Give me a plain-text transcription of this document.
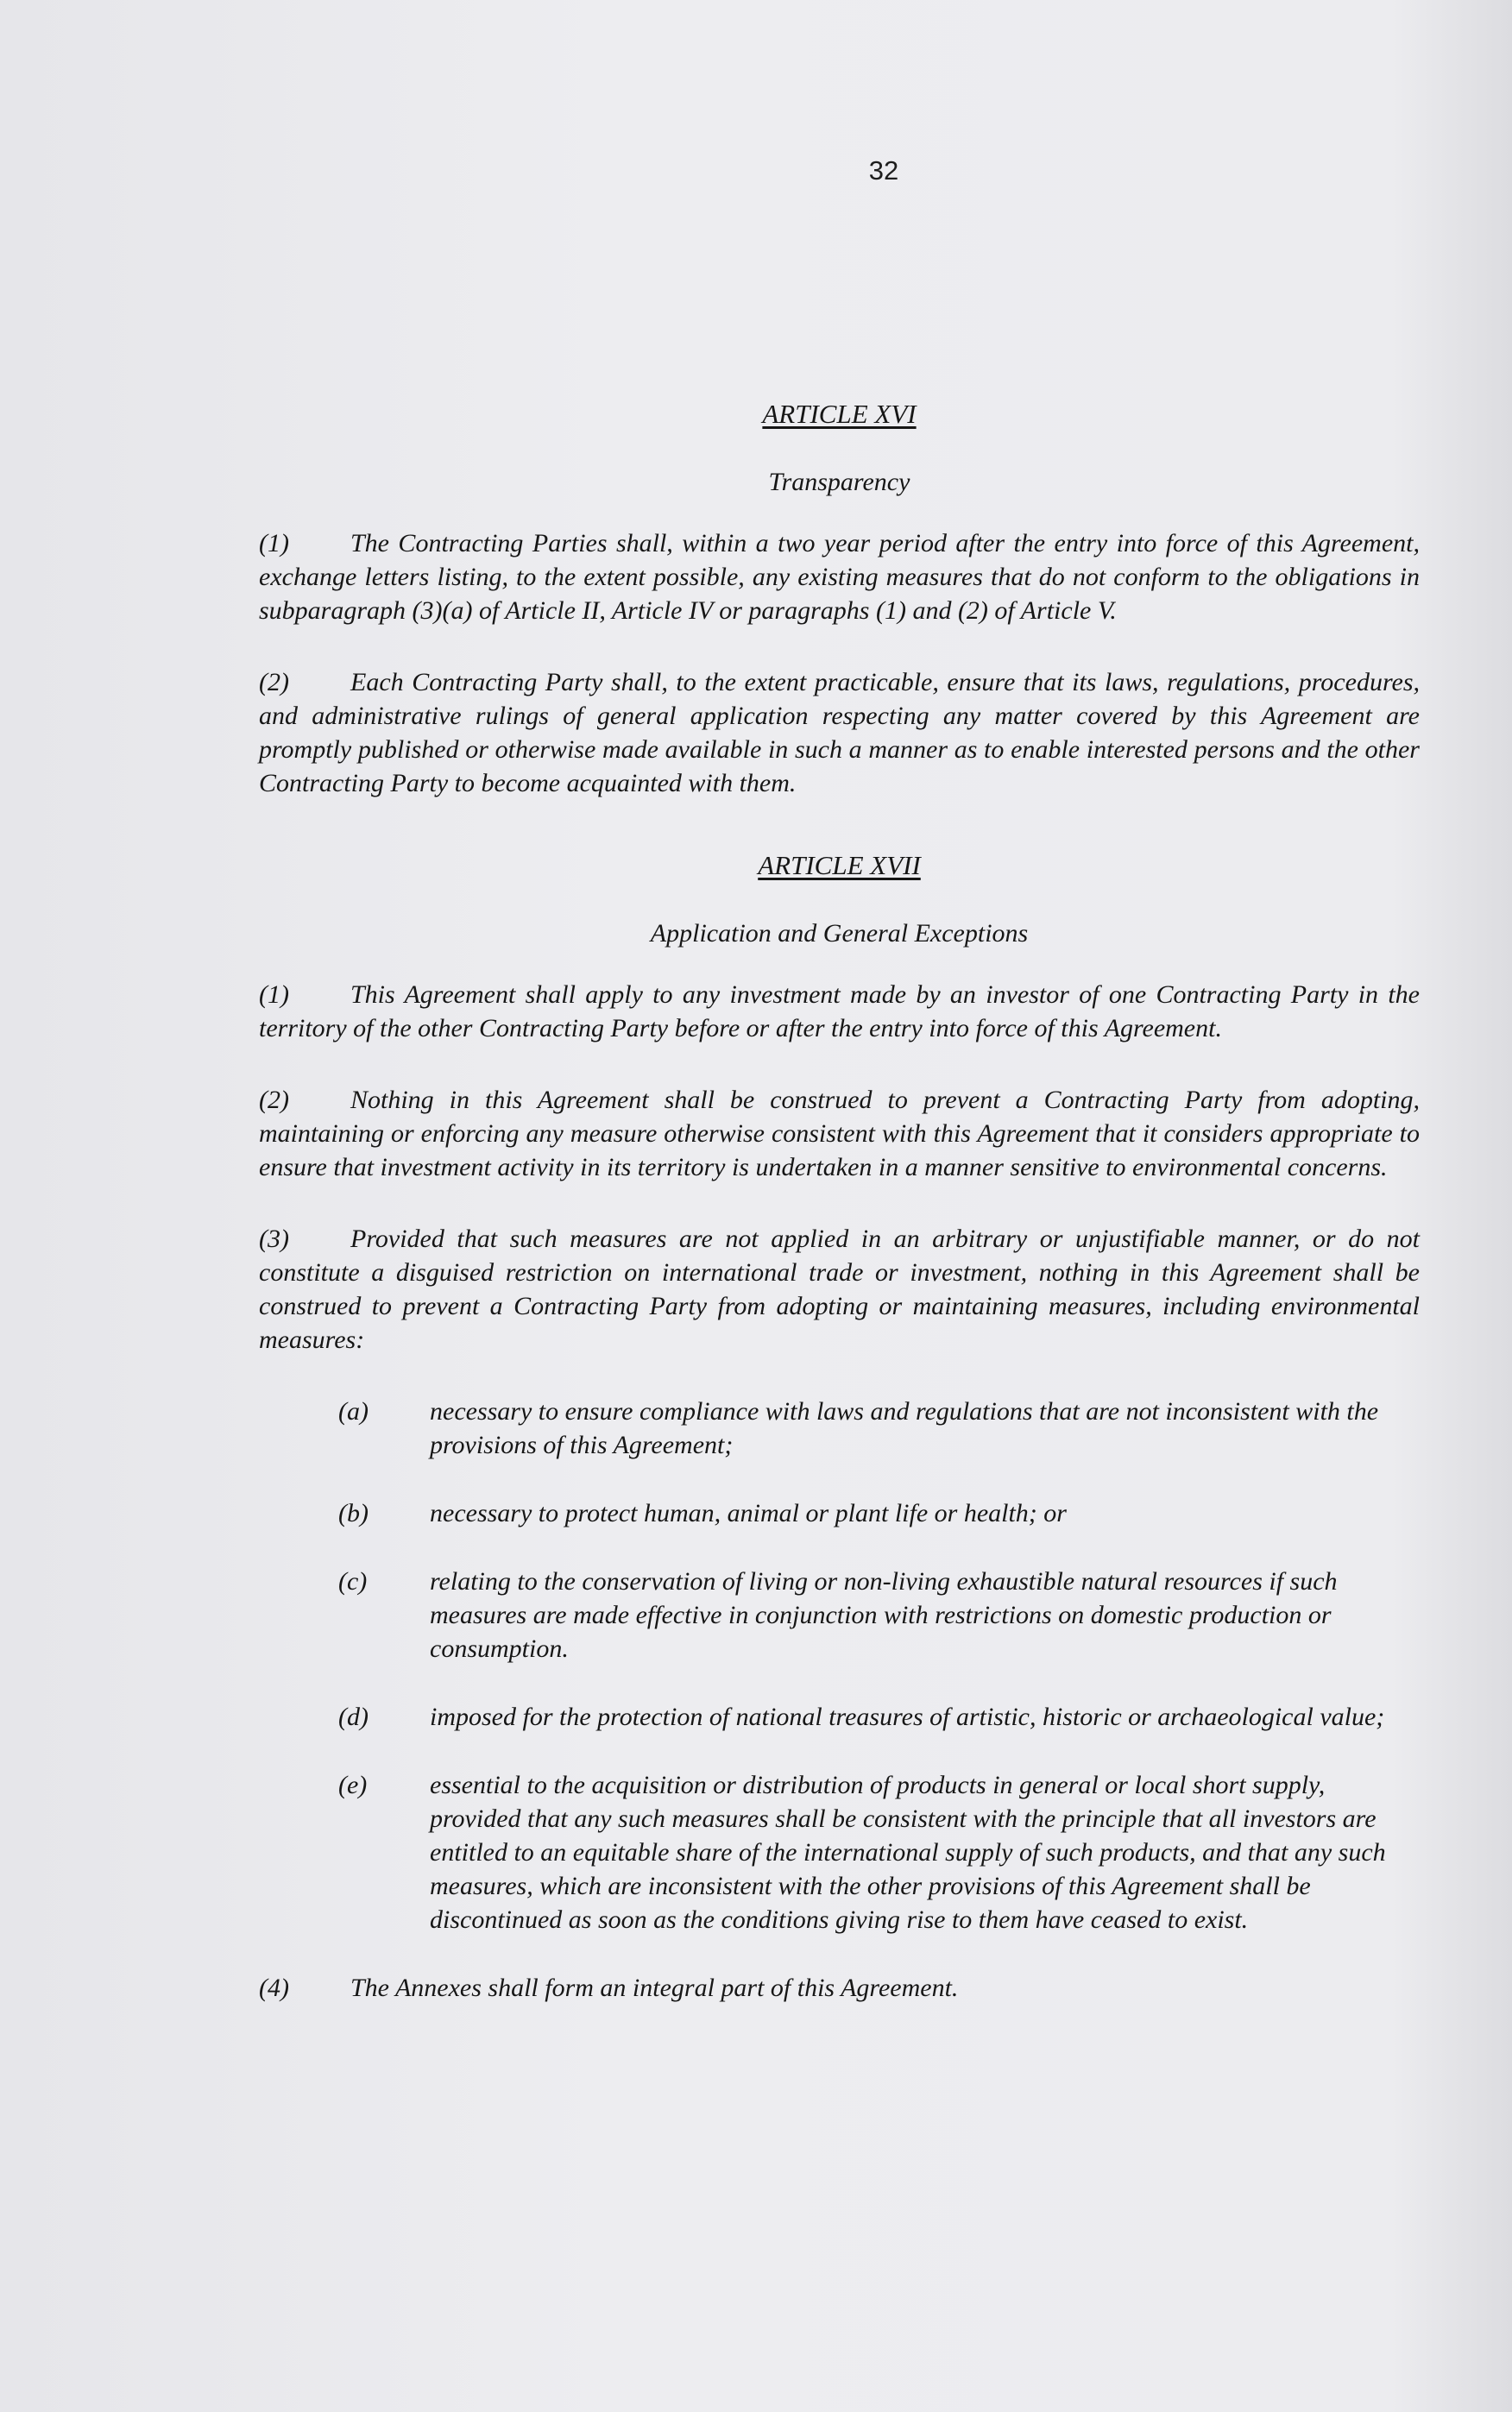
32

ARTICLE XVI

Transparency

(1) The Contracting Parties shall, within a two year period after the entry into force of this Agreement, exchange letters listing, to the extent possible, any existing measures that do not conform to the obligations in subparagraph (3)(a) of Article II, Article IV or paragraphs (1) and (2) of Article V.

(2) Each Contracting Party shall, to the extent practicable, ensure that its laws, regulations, procedures, and administrative rulings of general application respecting any matter covered by this Agreement are promptly published or otherwise made available in such a manner as to enable interested persons and the other Contracting Party to become acquainted with them.

ARTICLE XVII

Application and General Exceptions

(1) This Agreement shall apply to any investment made by an investor of one Contracting Party in the territory of the other Contracting Party before or after the entry into force of this Agreement.

(2) Nothing in this Agreement shall be construed to prevent a Contracting Party from adopting, maintaining or enforcing any measure otherwise consistent with this Agreement that it considers appropriate to ensure that investment activity in its territory is undertaken in a manner sensitive to environmental concerns.

(3) Provided that such measures are not applied in an arbitrary or unjustifiable manner, or do not constitute a disguised restriction on international trade or investment, nothing in this Agreement shall be construed to prevent a Contracting Party from adopting or maintaining measures, including environmental measures:

(a)	necessary to ensure compliance with laws and regulations that are not inconsistent with the provisions of this Agreement;
(b)	necessary to protect human, animal or plant life or health; or
(c)	relating to the conservation of living or non-living exhaustible natural resources if such measures are made effective in conjunction with restrictions on domestic production or consumption.
(d)	imposed for the protection of national treasures of artistic, historic or archaeological value;
(e)	essential to the acquisition or distribution of products in general or local short supply, provided that any such measures shall be consistent with the principle that all investors are entitled to an equitable share of the international supply of such products, and that any such measures, which are inconsistent with the other provisions of this Agreement shall be discontinued as soon as the conditions giving rise to them have ceased to exist.

(4) The Annexes shall form an integral part of this Agreement.
